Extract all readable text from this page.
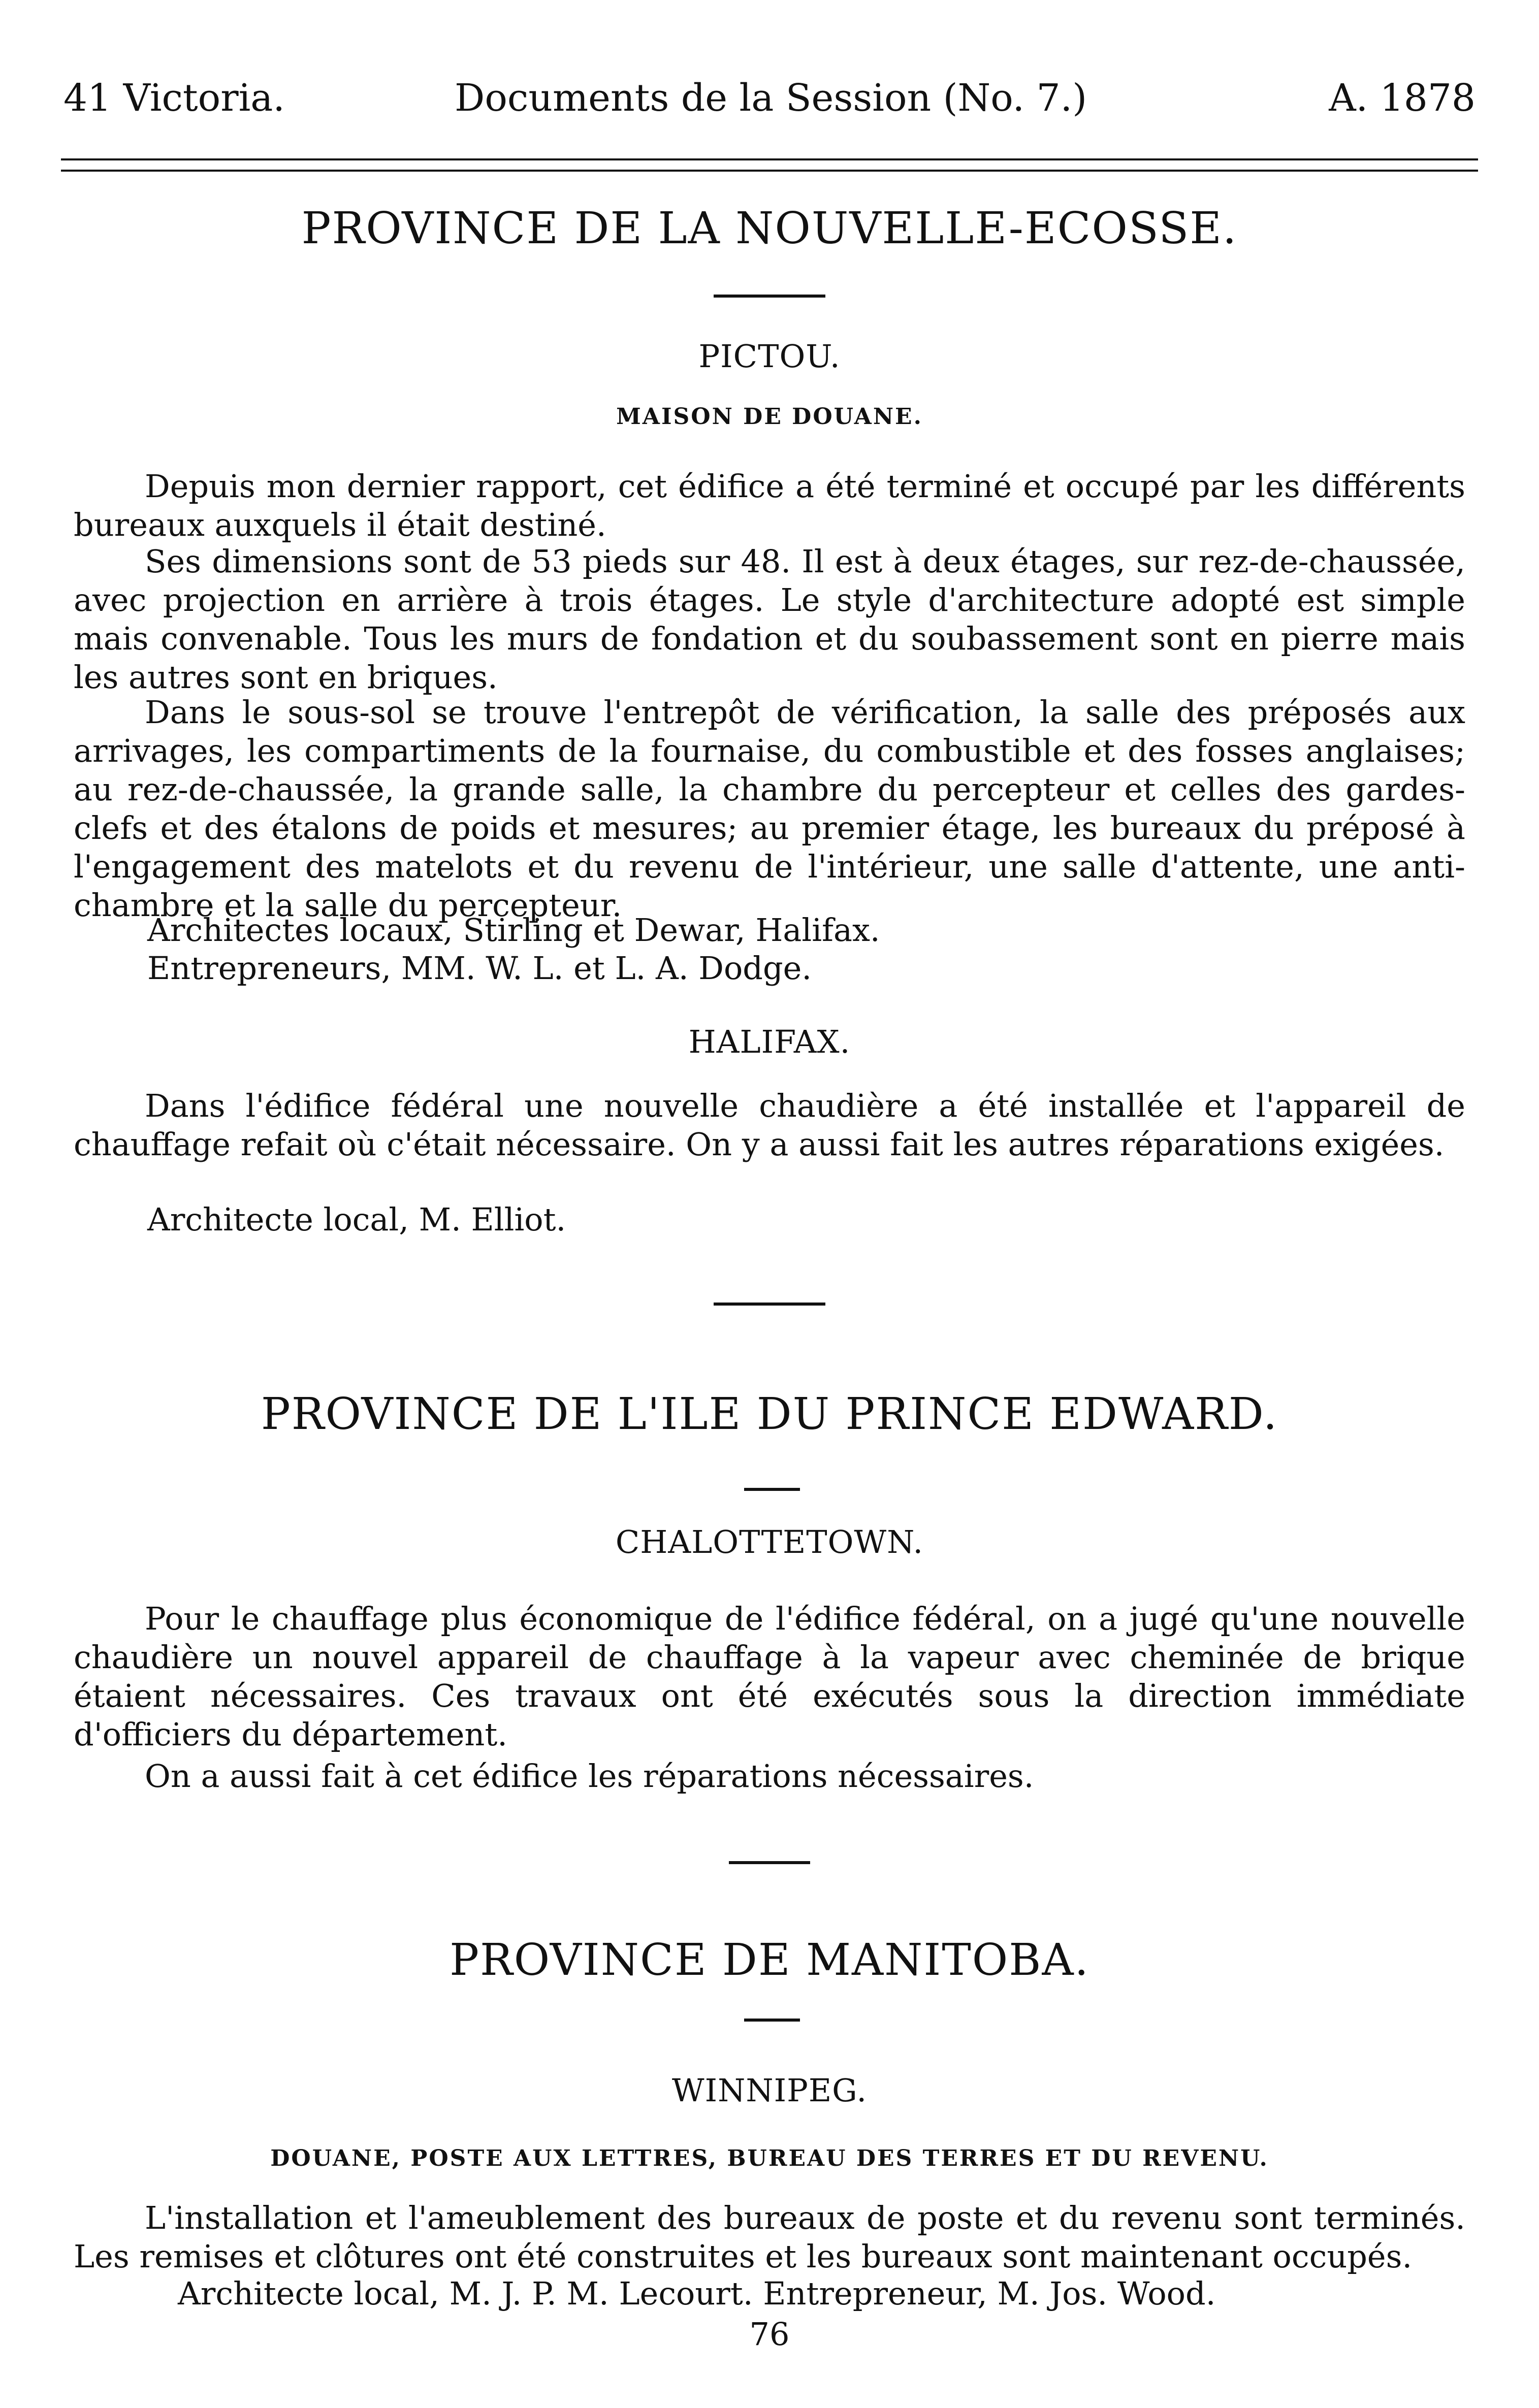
41 Victoria.	Documents de la Session (No. 7.)	A. 1878
PROVINCE DE LA NOUVELLE-ECOSSE.
PICTOU.
MAISON DE DOUANE.

Depuis mon dernier rapport, cet édifice a été terminé et occupé par les différents bureaux auxquels il était destiné.

Ses dimensions sont de 53 pieds sur 48. Il est à deux étages, sur rez-de-chaussée, avec projection en arrière à trois étages. Le style d'architecture adopté est simple mais convenable. Tous les murs de fondation et du soubassement sont en pierre mais les autres sont en briques.

Dans le sous-sol se trouve l'entrepôt de vérification, la salle des préposés aux arrivages, les compartiments de la fournaise, du combustible et des fosses anglaises; au rez-de-chaussée, la grande salle, la chambre du percepteur et celles des gardes-clefs et des étalons de poids et mesures; au premier étage, les bureaux du préposé à l'engagement des matelots et du revenu de l'intérieur, une salle d'attente, une anti-chambre et la salle du percepteur.

Architectes locaux, Stirling et Dewar, Halifax.
Entrepreneurs, MM. W. L. et L. A. Dodge.
HALIFAX.

Dans l'édifice fédéral une nouvelle chaudière a été installée et l'appareil de chauffage refait où c'était nécessaire. On y a aussi fait les autres réparations exigées.

Architecte local, M. Elliot.
PROVINCE DE L'ILE DU PRINCE EDWARD.
CHALOTTETOWN.

Pour le chauffage plus économique de l'édifice fédéral, on a jugé qu'une nouvelle chaudière un nouvel appareil de chauffage à la vapeur avec cheminée de brique étaient nécessaires. Ces travaux ont été exécutés sous la direction immédiate d'officiers du département.

On a aussi fait à cet édifice les réparations nécessaires.

PROVINCE DE MANITOBA.
WINNIPEG.
DOUANE, POSTE AUX LETTRES, BUREAU DES TERRES ET DU REVENU.

L'installation et l'ameublement des bureaux de poste et du revenu sont terminés. Les remises et clôtures ont été construites et les bureaux sont maintenant occupés.

Architecte local, M. J. P. M. Lecourt. Entrepreneur, M. Jos. Wood.
76
